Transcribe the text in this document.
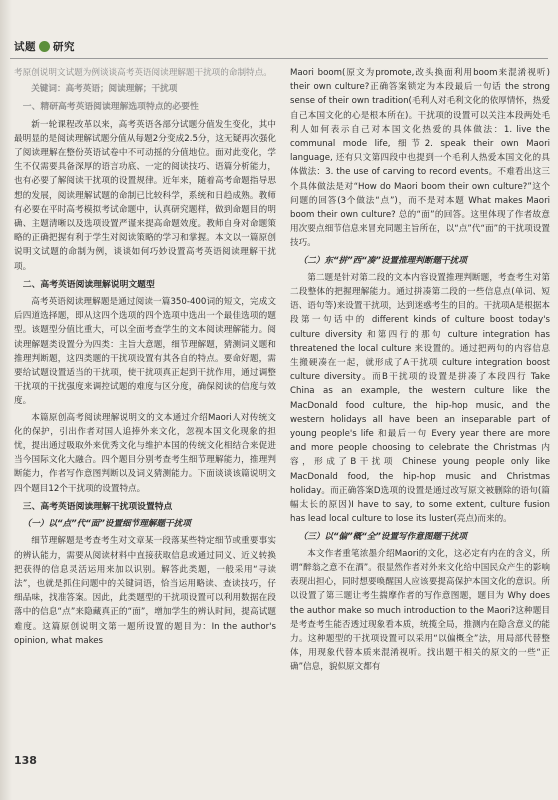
试题 研究

考原创说明文试题为例谈谈高考英语阅读理解题干扰项的命制特点。

关键词：高考英语；阅读理解；干扰项

一、精研高考英语阅读理解选项特点的必要性

新一轮课程改革以来，高考英语各部分试题分值发生变化，其中最明显的是阅读理解试题分值从每题2分变成2.5分，这无疑再次强化了阅读理解在整份英语试卷中不可动摇的分值地位。面对此变化，学生不仅需要具备深厚的语言功底、一定的阅读技巧、语篇分析能力，也有必要了解阅读干扰项的设置规律。近年来，随着高考命题指导思想的发展，阅读理解试题的命制已比较科学，系统和日趋成熟。教师有必要在平时高考模拟考试命题中，认真研究题样，做到命题目的明确、主题清晰以及选项设置严谨来提高命题效度。教师自身对命题策略的正确把握有利于学生对阅读策略的学习和掌握。本文以一篇原创说明文试题的命制为例，谈谈如何巧妙设置高考英语阅读理解干扰项。

二、高考英语阅读理解说明文题型

高考英语阅读理解题是通过阅读一篇350-400词的短文，完成文后四道选择题，即从这四个选项的四个选项中选出一个最佳选项的题型。该题型分值比重大，可以全面考查学生的文本阅读理解能力。阅读理解题类设置分为四类：主旨大意题，细节理解题，猜测词义题和推理判断题，这四类题的干扰项设置有其各自的特点。要命好题，需要给试题设置适当的干扰项，使干扰项真正起到干扰作用，通过调整干扰项的干扰强度来调控试题的难度与区分度，确保阅读的信度与效度。

本篇原创高考阅读理解说明文的文本通过介绍Maori人对传统文化的保护，引出作者对国人追捧外来文化，忽视本国文化现象的担忧，提出通过吸取外来优秀文化与维护本国的传统文化相结合来促进当今国际文化大融合。四个题目分别考查考生细节理解能力，推理判断能力，作者写作意图判断以及词义猜测能力。下面谈谈该篇说明文四个题目12个干扰项的设置特点。

三、高考英语阅读理解干扰项设置特点
（一）以“点”代“面”设置细节理解题干扰项

细节理解题是考查考生对文章某一段落某些特定细节或重要事实的辨认能力，需要从阅读材料中直接获取信息或通过同义、近义转换把获得的信息灵活运用来加以识别。解答此类题，一般采用“寻读法”，也就是抓住问题中的关键词语，恰当运用略读、查读技巧，仔细品味，找准答案。因此，此类题型的干扰项设置可以利用数据在段落中的信息“点”来隐藏真正的“面”，增加学生的辨认时间，提高试题难度。这篇原创说明文第一题所设置的题目为：In the author's opinion, what makes

Maori boom(原文为promote,改头换面利用boom来混淆视听) their own culture?正确答案锁定为本段最后一句话 the strong sense of their own tradition(毛利人对毛利文化的依厚情怀，热爱自己本国文化的心是根本所在)。干扰项的设置可以关注本段两处毛利人如何表示自己对本国文化热爱的具体做法：1. live the communal mode life, 细节2. speak their own Maori language, 还有只文第四段中也提到一个毛利人热爱本国文化的具体做法：3. the use of carving to record events。不难看出这三个具体做法是对“How do Maori boom their own culture?”这个问题的回答(3个做法“点”)，而不是对本题 What makes Maori boom their own culture? 总的“面”的回答。这里体现了作者故意用次要点细节信息来冒充同题主旨所在，以“点”代“面”的干扰项设置技巧。

（二）东“拼”西“凑”设置推理判断题干扰项

第二题是针对第二段的文本内容设置推理判断题，考查考生对第二段整体的把握理解能力。通过拼凑第二段的一些信息点(单词、短语、语句等)来设置干扰项，达到迷惑考生的目的。干扰项A是根据本段第一句话中的 different kinds of culture boost today's culture diversity 和第四行的那句 culture integration has threatened the local culture 来设置的。通过把两句的内容信息生搬硬凑在一起，就形成了A干扰项 culture integration boost culture diversity。而B干扰项的设置是拼凑了本段四行 Take China as an example, the western culture like the MacDonald food culture, the hip-hop music, and the western holidays all have been an inseparable part of young people's life 和最后一句 Every year there are more and more people choosing to celebrate the Christmas 内容，形成了B干扰项 Chinese young people only like MacDonald food, the hip-hop music and Christmas holiday。而正确答案D选项的设置是通过改写原文被删除的语句(篇幅太长的原因)I have to say, to some extent, culture fusion has lead local culture to lose its luster(亮点)而来的。

（三）以“偏”概“全”设置写作意图题干扰项

本文作者重笔浓墨介绍Maori的文化，这必定有内在的含义，所谓“醉翁之意不在酒”。很显然作者对外来文化给中国民众产生的影响表现出担心，同时想要唤醒国人应该要提高保护本国文化的意识。所以设置了第三题让考生揣摩作者的写作意图题，题目为 Why does the author make so much introduction to the Maori?这种题目是考查考生能否透过现象看本质，统揽全局，推测内在隐含意义的能力。这种题型的干扰项设置可以采用“以偏概全”法，用局部代替整体，用现象代替本质来混淆视听。找出题干相关的原文的一些“正确”信息，貌似原文都有

138
